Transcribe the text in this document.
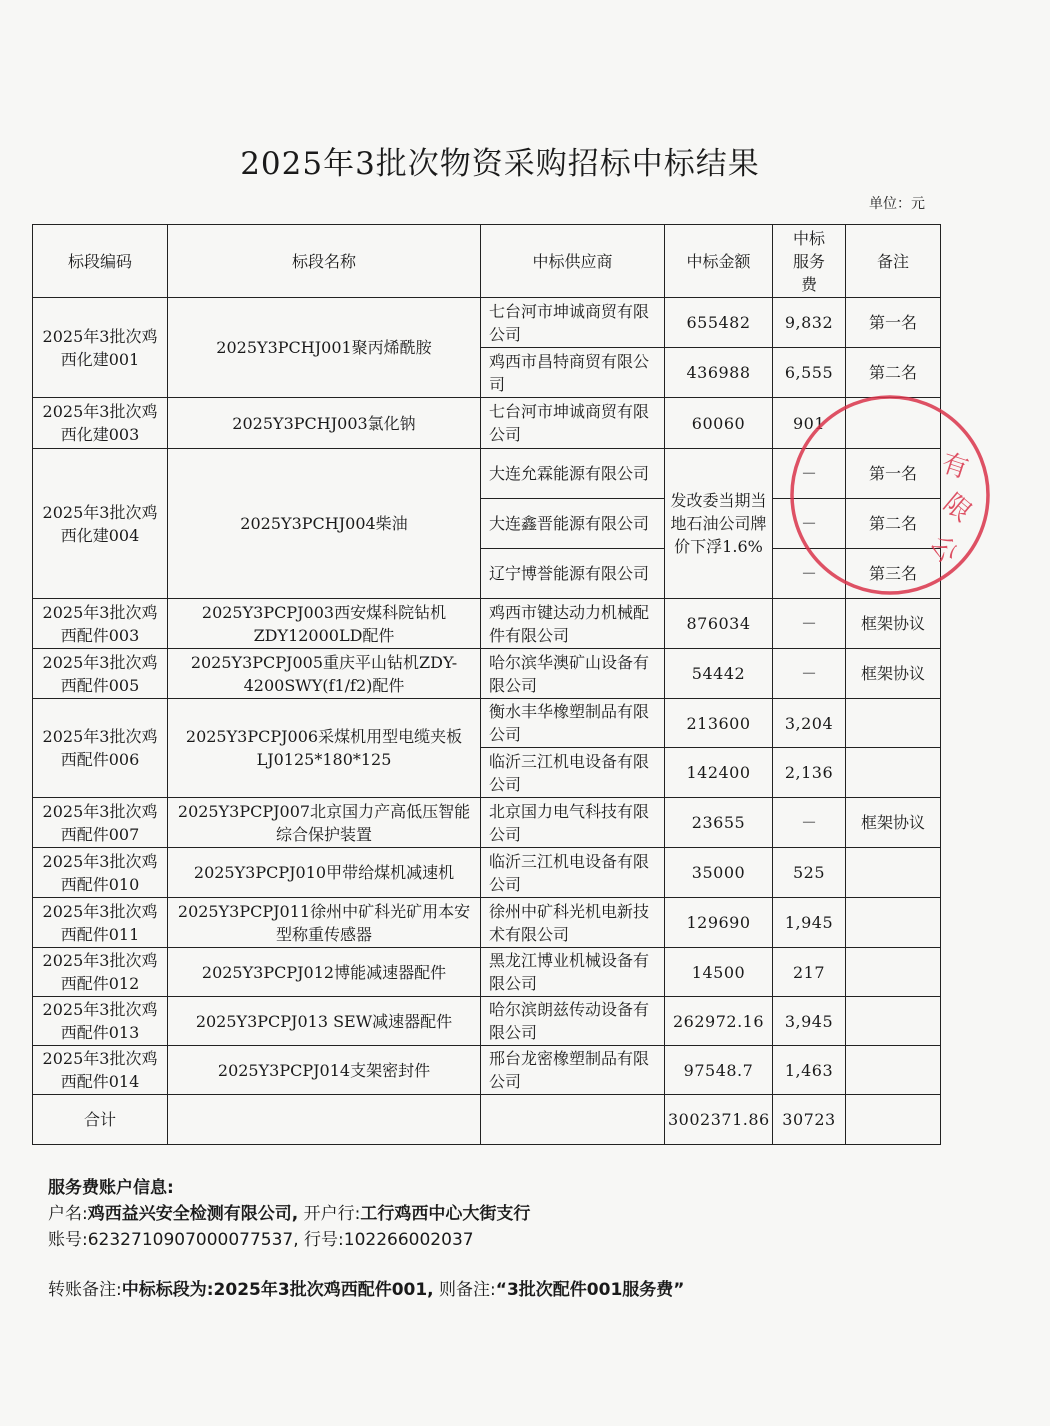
2025年3批次物资采购招标中标结果
单位：元
标段编码	标段名称	中标供应商	中标金额	中标服务费	备注
2025年3批次鸡西化建001	2025Y3PCHJ001聚丙烯酰胺	七台河市坤诚商贸有限公司	655482	9,832	第一名
		鸡西市昌特商贸有限公司	436988	6,555	第二名
2025年3批次鸡西化建003	2025Y3PCHJ003氯化钠	七台河市坤诚商贸有限公司	60060	901	
2025年3批次鸡西化建004	2025Y3PCHJ004柴油	大连允霖能源有限公司	发改委当期当地石油公司牌价下浮1.6%	－	第一名
		大连鑫晋能源有限公司		－	第二名
		辽宁博誉能源有限公司		－	第三名
2025年3批次鸡西配件003	2025Y3PCPJ003西安煤科院钻机ZDY12000LD配件	鸡西市键达动力机械配件有限公司	876034	－	框架协议
2025年3批次鸡西配件005	2025Y3PCPJ005重庆平山钻机ZDY-4200SWY(f1/f2)配件	哈尔滨华澳矿山设备有限公司	54442	－	框架协议
2025年3批次鸡西配件006	2025Y3PCPJ006采煤机用型电缆夹板LJ0125*180*125	衡水丰华橡塑制品有限公司	213600	3,204	
		临沂三江机电设备有限公司	142400	2,136	
2025年3批次鸡西配件007	2025Y3PCPJ007北京国力产高低压智能综合保护装置	北京国力电气科技有限公司	23655	－	框架协议
2025年3批次鸡西配件010	2025Y3PCPJ010甲带给煤机减速机	临沂三江机电设备有限公司	35000	525	
2025年3批次鸡西配件011	2025Y3PCPJ011徐州中矿科光矿用本安型称重传感器	徐州中矿科光机电新技术有限公司	129690	1,945	
2025年3批次鸡西配件012	2025Y3PCPJ012博能减速器配件	黑龙江博业机械设备有限公司	14500	217	
2025年3批次鸡西配件013	2025Y3PCPJ013 SEW减速器配件	哈尔滨朗兹传动设备有限公司	262972.16	3,945	
2025年3批次鸡西配件014	2025Y3PCPJ014支架密封件	邢台龙密橡塑制品有限公司	97548.7	1,463	
合计			3002371.86	30723	
有
限
公
服务费账户信息:
户名:鸡西益兴安全检测有限公司, 开户行:工行鸡西中心大街支行
账号:6232710907000077537, 行号:102266002037
转账备注:中标标段为:2025年3批次鸡西配件001, 则备注:“3批次配件001服务费”
